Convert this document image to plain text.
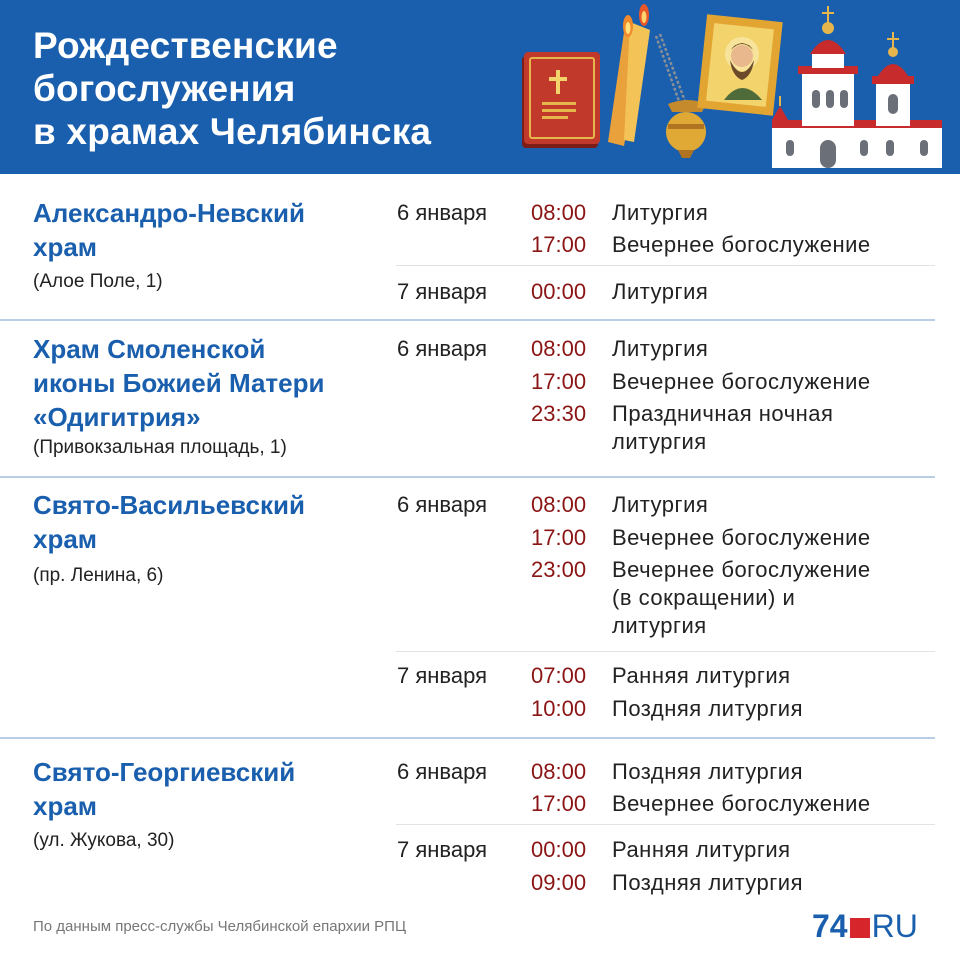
Рождественские
богослужения
в храмах Челябинска
Александро-Невский
храм
(Алое Поле, 1)
6 января 08:00 Литургия
17:00 Вечернее богослужение
7 января 00:00 Литургия
Храм Смоленской
иконы Божией Матери
«Одигитрия»
(Привокзальная площадь, 1)
6 января 08:00 Литургия
17:00 Вечернее богослужение
23:30 Праздничная ночная
литургия
Свято-Васильевский
храм
(пр. Ленина, 6)
6 января 08:00 Литургия
17:00 Вечернее богослужение
23:00 Вечернее богослужение
(в сокращении) и
литургия
7 января 07:00 Ранняя литургия
10:00 Поздняя литургия
Свято-Георгиевский
храм
(ул. Жукова, 30)
6 января 08:00 Поздняя литургия
17:00 Вечернее богослужение
7 января 00:00 Ранняя литургия
09:00 Поздняя литургия
По данным пресс-службы Челябинской епархии РПЦ	74 RU
